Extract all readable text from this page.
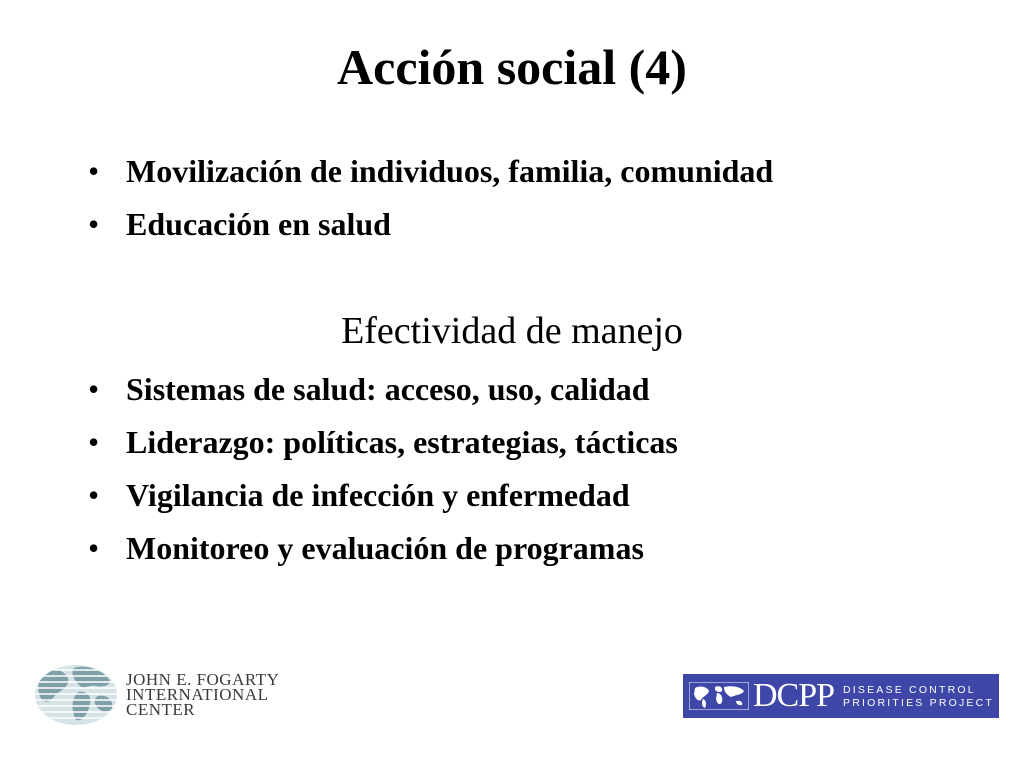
Acción social (4)
• Movilización de individuos, familia, comunidad
• Educación en salud
Efectividad de manejo
• Sistemas de salud: acceso, uso, calidad
• Liderazgo: políticas, estrategias, tácticas
• Vigilancia de infección y enfermedad
• Monitoreo y evaluación de programas
JOHN E. FOGARTY
INTERNATIONAL
CENTER	DCPP DISEASE CONTROL
PRIORITIES PROJECT
